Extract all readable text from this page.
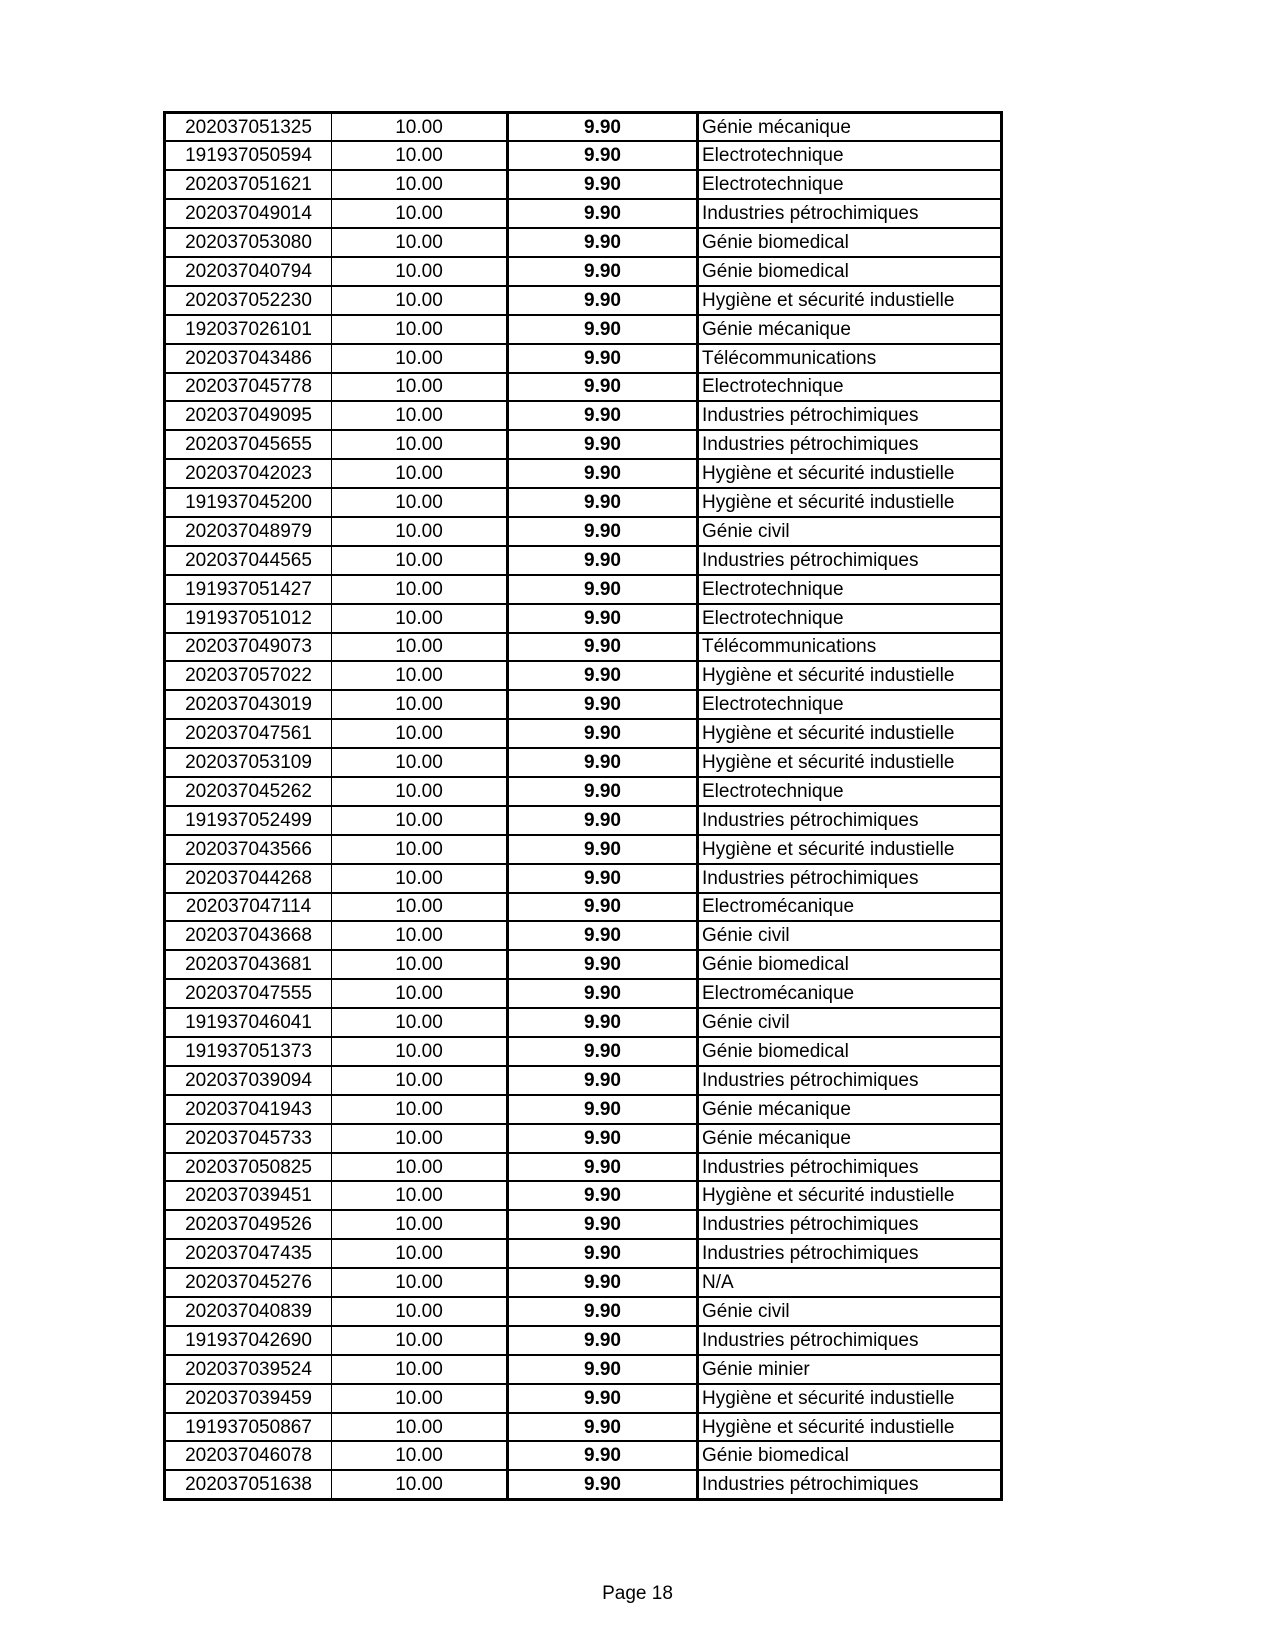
202037051325	10.00	9.90	Génie mécanique
191937050594	10.00	9.90	Electrotechnique
202037051621	10.00	9.90	Electrotechnique
202037049014	10.00	9.90	Industries pétrochimiques
202037053080	10.00	9.90	Génie biomedical
202037040794	10.00	9.90	Génie biomedical
202037052230	10.00	9.90	Hygiène et sécurité industielle
192037026101	10.00	9.90	Génie mécanique
202037043486	10.00	9.90	Télécommunications
202037045778	10.00	9.90	Electrotechnique
202037049095	10.00	9.90	Industries pétrochimiques
202037045655	10.00	9.90	Industries pétrochimiques
202037042023	10.00	9.90	Hygiène et sécurité industielle
191937045200	10.00	9.90	Hygiène et sécurité industielle
202037048979	10.00	9.90	Génie civil
202037044565	10.00	9.90	Industries pétrochimiques
191937051427	10.00	9.90	Electrotechnique
191937051012	10.00	9.90	Electrotechnique
202037049073	10.00	9.90	Télécommunications
202037057022	10.00	9.90	Hygiène et sécurité industielle
202037043019	10.00	9.90	Electrotechnique
202037047561	10.00	9.90	Hygiène et sécurité industielle
202037053109	10.00	9.90	Hygiène et sécurité industielle
202037045262	10.00	9.90	Electrotechnique
191937052499	10.00	9.90	Industries pétrochimiques
202037043566	10.00	9.90	Hygiène et sécurité industielle
202037044268	10.00	9.90	Industries pétrochimiques
202037047114	10.00	9.90	Electromécanique
202037043668	10.00	9.90	Génie civil
202037043681	10.00	9.90	Génie biomedical
202037047555	10.00	9.90	Electromécanique
191937046041	10.00	9.90	Génie civil
191937051373	10.00	9.90	Génie biomedical
202037039094	10.00	9.90	Industries pétrochimiques
202037041943	10.00	9.90	Génie mécanique
202037045733	10.00	9.90	Génie mécanique
202037050825	10.00	9.90	Industries pétrochimiques
202037039451	10.00	9.90	Hygiène et sécurité industielle
202037049526	10.00	9.90	Industries pétrochimiques
202037047435	10.00	9.90	Industries pétrochimiques
202037045276	10.00	9.90	N/A
202037040839	10.00	9.90	Génie civil
191937042690	10.00	9.90	Industries pétrochimiques
202037039524	10.00	9.90	Génie minier
202037039459	10.00	9.90	Hygiène et sécurité industielle
191937050867	10.00	9.90	Hygiène et sécurité industielle
202037046078	10.00	9.90	Génie biomedical
202037051638	10.00	9.90	Industries pétrochimiques
Page 18
